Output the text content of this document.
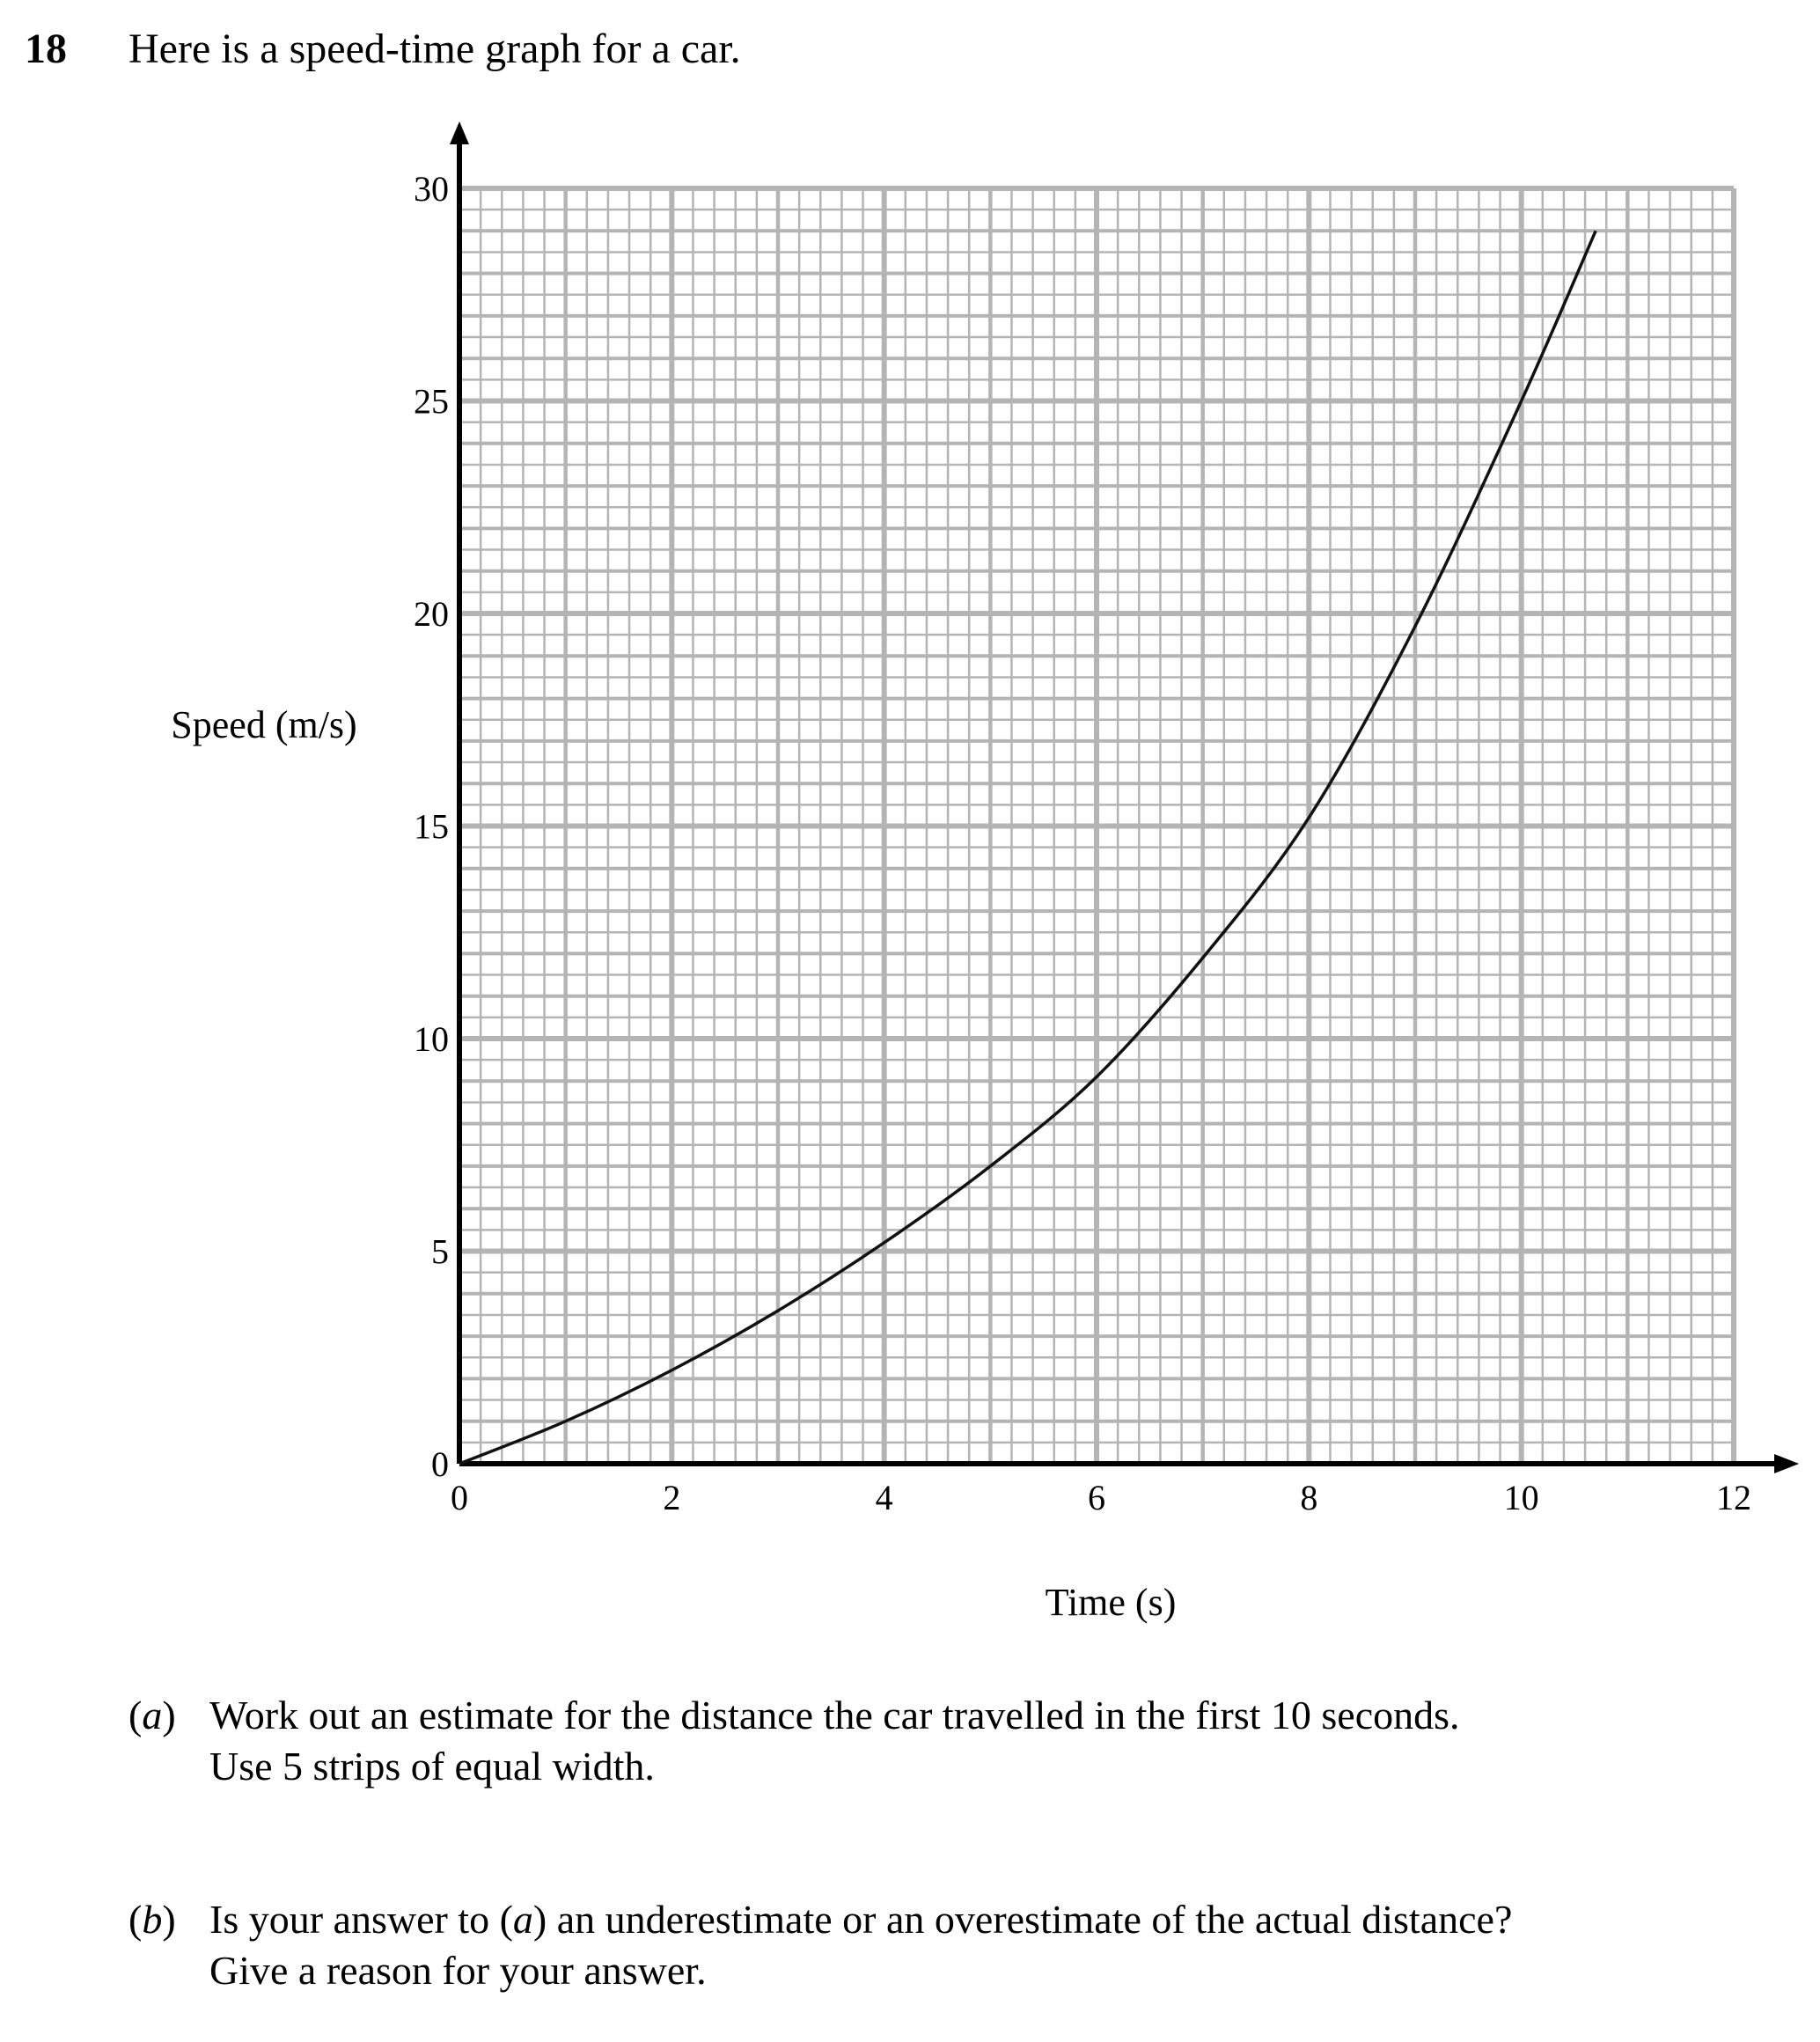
18 Here is a speed-time graph for a car.
0	2	4	6	8	10	12
0
5
10
15
20
25
30
Time (s)
Speed (m/s)
(a) Work out an estimate for the distance the car travelled in the first 10 seconds.
Use 5 strips of equal width.
(b) Is your answer to (a) an underestimate or an overestimate of the actual distance?
Give a reason for your answer.
